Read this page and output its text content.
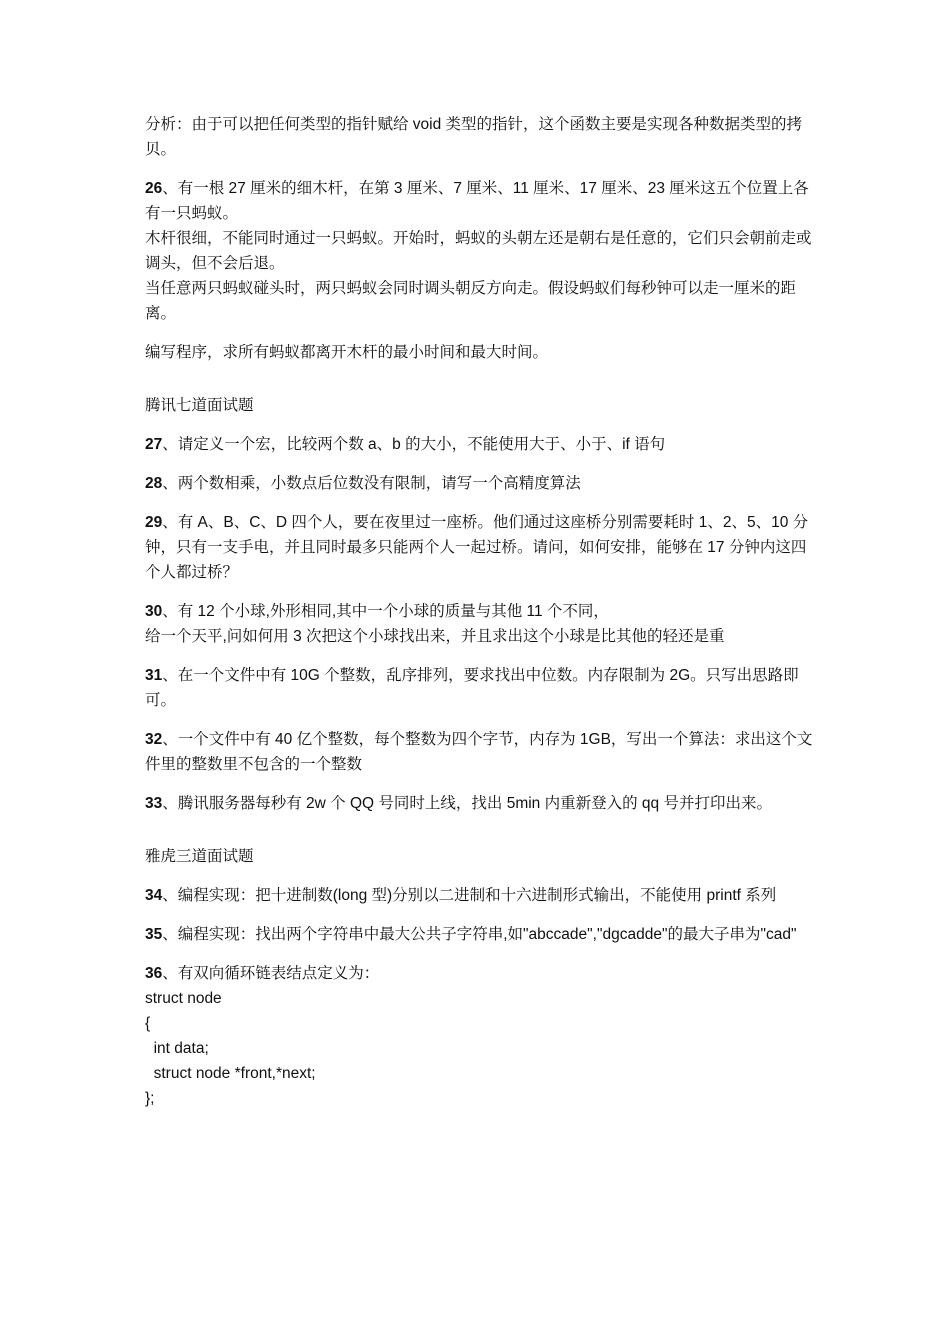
分析：由于可以把任何类型的指针赋给 void 类型的指针，这个函数主要是实现各种数据类型的拷贝。

26、有一根 27 厘米的细木杆，在第 3 厘米、7 厘米、11 厘米、17 厘米、23 厘米这五个位置上各有一只蚂蚁。
木杆很细，不能同时通过一只蚂蚁。开始时，蚂蚁的头朝左还是朝右是任意的，它们只会朝前走或调头，但不会后退。
当任意两只蚂蚁碰头时，两只蚂蚁会同时调头朝反方向走。假设蚂蚁们每秒钟可以走一厘米的距离。

编写程序，求所有蚂蚁都离开木杆的最小时间和最大时间。

腾讯七道面试题

27、请定义一个宏，比较两个数 a、b 的大小，不能使用大于、小于、if 语句

28、两个数相乘，小数点后位数没有限制，请写一个高精度算法

29、有 A、B、C、D 四个人，要在夜里过一座桥。他们通过这座桥分别需要耗时 1、2、5、10 分钟，只有一支手电，并且同时最多只能两个人一起过桥。请问，如何安排，能够在 17 分钟内这四个人都过桥？

30、有 12 个小球,外形相同,其中一个小球的质量与其他 11 个不同，
给一个天平,问如何用 3 次把这个小球找出来，并且求出这个小球是比其他的轻还是重

31、在一个文件中有 10G 个整数，乱序排列，要求找出中位数。内存限制为 2G。只写出思路即可。

32、一个文件中有 40 亿个整数，每个整数为四个字节，内存为 1GB，写出一个算法：求出这个文件里的整数里不包含的一个整数

33、腾讯服务器每秒有 2w 个 QQ 号同时上线，找出 5min 内重新登入的 qq 号并打印出来。

雅虎三道面试题

34、编程实现：把十进制数(long 型)分别以二进制和十六进制形式输出，不能使用 printf 系列

35、编程实现：找出两个字符串中最大公共子字符串,如"abccade","dgcadde"的最大子串为"cad"

36、有双向循环链表结点定义为：
struct node
{
int data;
struct node *front,*next;
};
